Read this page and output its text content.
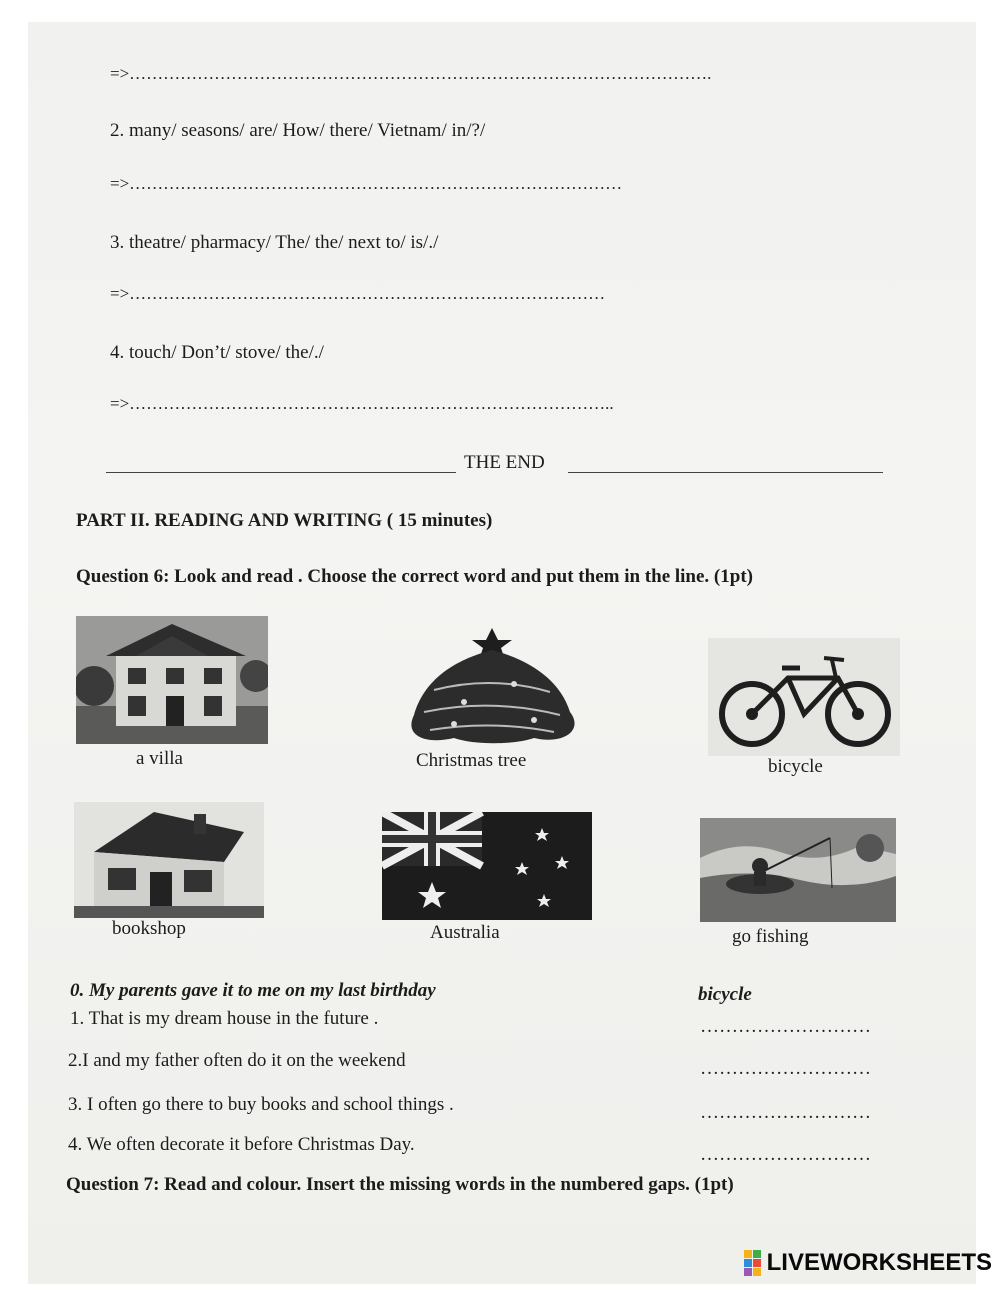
=>………………………………………………………………………………………….
2. many/ seasons/ are/ How/ there/ Vietnam/ in/?/
=>……………………………………………………………………………
3. theatre/ pharmacy/ The/ the/ next to/ is/./
=>…………………………………………………………………………
4. touch/ Don’t/ stove/ the/./
=>…………………………………………………………………………..
THE END
PART II. READING AND WRITING ( 15 minutes)
Question 6: Look and read . Choose the correct word and put them in the line. (1pt)
a villa	Christmas tree	bicycle
bookshop	Australia	go fishing
0. My parents gave it to me on my last birthday	bicycle
1. That is my dream house in the future .	………………………
2.I and my father often do it on the weekend	………………………
3. I often go there to buy books and school things .	………………………
4. We often decorate it before Christmas Day.	………………………
Question 7: Read and colour. Insert the missing words in the numbered gaps. (1pt)
LIVEWORKSHEETS
